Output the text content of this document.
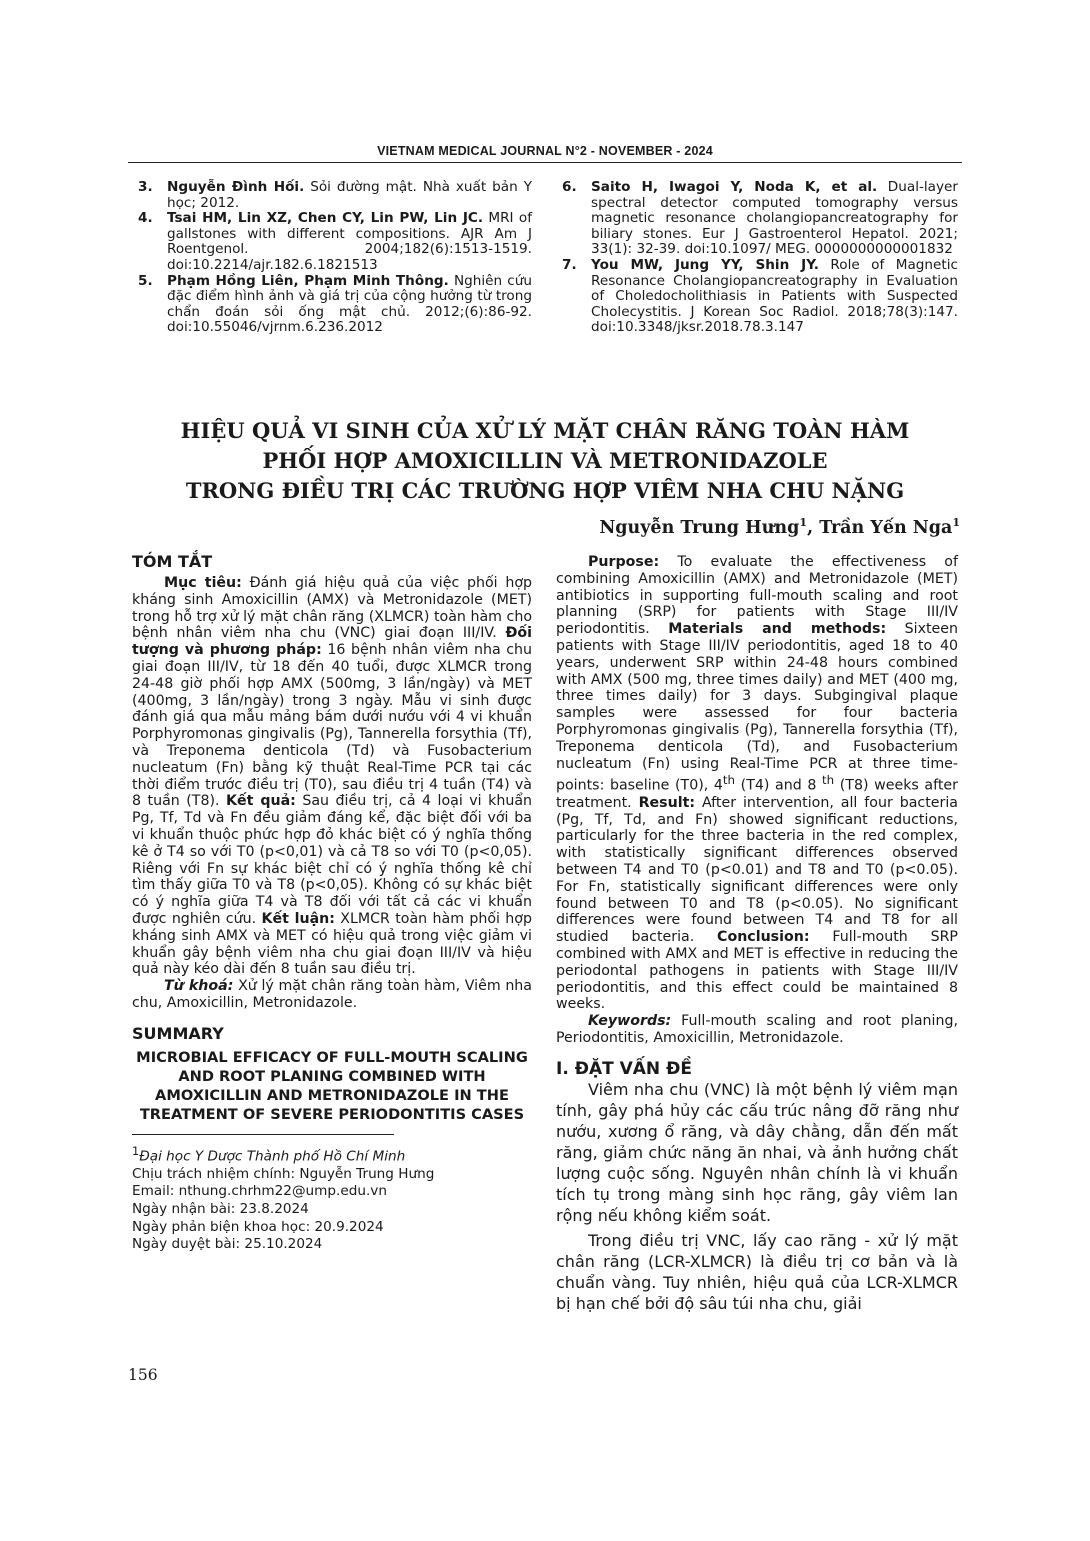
VIETNAM MEDICAL JOURNAL N°2 - NOVEMBER - 2024
3. Nguyễn Đình Hối. Sỏi đường mật. Nhà xuất bản Y học; 2012.
4. Tsai HM, Lin XZ, Chen CY, Lin PW, Lin JC. MRI of gallstones with different compositions. AJR Am J Roentgenol. 2004;182(6):1513-1519. doi:10.2214/ajr.182.6.1821513
5. Phạm Hồng Liên, Phạm Minh Thông. Nghiên cứu đặc điểm hình ảnh và giá trị của cộng hưởng từ trong chẩn đoán sỏi ống mật chủ. 2012;(6):86-92. doi:10.55046/vjrnm.6.236.2012
6. Saito H, Iwagoi Y, Noda K, et al. Dual-layer spectral detector computed tomography versus magnetic resonance cholangiopancreatography for biliary stones. Eur J Gastroenterol Hepatol. 2021; 33(1): 32-39. doi:10.1097/ MEG. 0000000000001832
7. You MW, Jung YY, Shin JY. Role of Magnetic Resonance Cholangiopancreatography in Evaluation of Choledocholithiasis in Patients with Suspected Cholecystitis. J Korean Soc Radiol. 2018;78(3):147. doi:10.3348/jksr.2018.78.3.147
HIỆU QUẢ VI SINH CỦA XỬ LÝ MẶT CHÂN RĂNG TOÀN HÀM
PHỐI HỢP AMOXICILLIN VÀ METRONIDAZOLE
TRONG ĐIỀU TRỊ CÁC TRƯỜNG HỢP VIÊM NHA CHU NẶNG
Nguyễn Trung Hưng$^1$, Trần Yến Nga$^1$

TÓM TẮT

Mục tiêu: Đánh giá hiệu quả của việc phối hợp kháng sinh Amoxicillin (AMX) và Metronidazole (MET) trong hỗ trợ xử lý mặt chân răng (XLMCR) toàn hàm cho bệnh nhân viêm nha chu (VNC) giai đoạn III/IV. Đối tượng và phương pháp: 16 bệnh nhân viêm nha chu giai đoạn III/IV, từ 18 đến 40 tuổi, được XLMCR trong 24-48 giờ phối hợp AMX (500mg, 3 lần/ngày) và MET (400mg, 3 lần/ngày) trong 3 ngày. Mẫu vi sinh được đánh giá qua mẫu mảng bám dưới nướu với 4 vi khuẩn Porphyromonas gingivalis (Pg), Tannerella forsythia (Tf), và Treponema denticola (Td) và Fusobacterium nucleatum (Fn) bằng kỹ thuật Real-Time PCR tại các thời điểm trước điều trị (T0), sau điều trị 4 tuần (T4) và 8 tuần (T8). Kết quả: Sau điều trị, cả 4 loại vi khuẩn Pg, Tf, Td và Fn đều giảm đáng kể, đặc biệt đối với ba vi khuẩn thuộc phức hợp đỏ khác biệt có ý nghĩa thống kê ở T4 so với T0 (p<0,01) và cả T8 so với T0 (p<0,05). Riêng với Fn sự khác biệt chỉ có ý nghĩa thống kê chỉ tìm thấy giữa T0 và T8 (p<0,05). Không có sự khác biệt có ý nghĩa giữa T4 và T8 đối với tất cả các vi khuẩn được nghiên cứu. Kết luận: XLMCR toàn hàm phối hợp kháng sinh AMX và MET có hiệu quả trong việc giảm vi khuẩn gây bệnh viêm nha chu giai đoạn III/IV và hiệu quả này kéo dài đến 8 tuần sau điều trị.

Từ khoá: Xử lý mặt chân răng toàn hàm, Viêm nha chu, Amoxicillin, Metronidazole.

SUMMARY

MICROBIAL EFFICACY OF FULL-MOUTH SCALING AND ROOT PLANING COMBINED WITH AMOXICILLIN AND METRONIDAZOLE IN THE TREATMENT OF SEVERE PERIODONTITIS CASES
$^1$Đại học Y Dược Thành phố Hồ Chí Minh
Chịu trách nhiệm chính: Nguyễn Trung Hưng
Email: nthung.chrhm22@ump.edu.vn
Ngày nhận bài: 23.8.2024
Ngày phản biện khoa học: 20.9.2024
Ngày duyệt bài: 25.10.2024

Purpose: To evaluate the effectiveness of combining Amoxicillin (AMX) and Metronidazole (MET) antibiotics in supporting full-mouth scaling and root planning (SRP) for patients with Stage III/IV periodontitis. Materials and methods: Sixteen patients with Stage III/IV periodontitis, aged 18 to 40 years, underwent SRP within 24-48 hours combined with AMX (500 mg, three times daily) and MET (400 mg, three times daily) for 3 days. Subgingival plaque samples were assessed for four bacteria Porphyromonas gingivalis (Pg), Tannerella forsythia (Tf), Treponema denticola (Td), and Fusobacterium nucleatum (Fn) using Real-Time PCR at three time-points: baseline (T0), 4th (T4) and 8 $^{th}$ (T8) weeks after treatment. Result: After intervention, all four bacteria (Pg, Tf, Td, and Fn) showed significant reductions, particularly for the three bacteria in the red complex, with statistically significant differences observed between T4 and T0 (p<0.01) and T8 and T0 (p<0.05). For Fn, statistically significant differences were only found between T0 and T8 (p<0.05). No significant differences were found between T4 and T8 for all studied bacteria. Conclusion: Full-mouth SRP combined with AMX and MET is effective in reducing the periodontal pathogens in patients with Stage III/IV periodontitis, and this effect could be maintained 8 weeks.

Keywords: Full-mouth scaling and root planing, Periodontitis, Amoxicillin, Metronidazole.

I. ĐẶT VẤN ĐỀ

Viêm nha chu (VNC) là một bệnh lý viêm mạn tính, gây phá hủy các cấu trúc nâng đỡ răng như nướu, xương ổ răng, và dây chằng, dẫn đến mất răng, giảm chức năng ăn nhai, và ảnh hưởng chất lượng cuộc sống. Nguyên nhân chính là vi khuẩn tích tụ trong màng sinh học răng, gây viêm lan rộng nếu không kiểm soát.

Trong điều trị VNC, lấy cao răng - xử lý mặt chân răng (LCR-XLMCR) là điều trị cơ bản và là chuẩn vàng. Tuy nhiên, hiệu quả của LCR-XLMCR bị hạn chế bởi độ sâu túi nha chu, giải

156
